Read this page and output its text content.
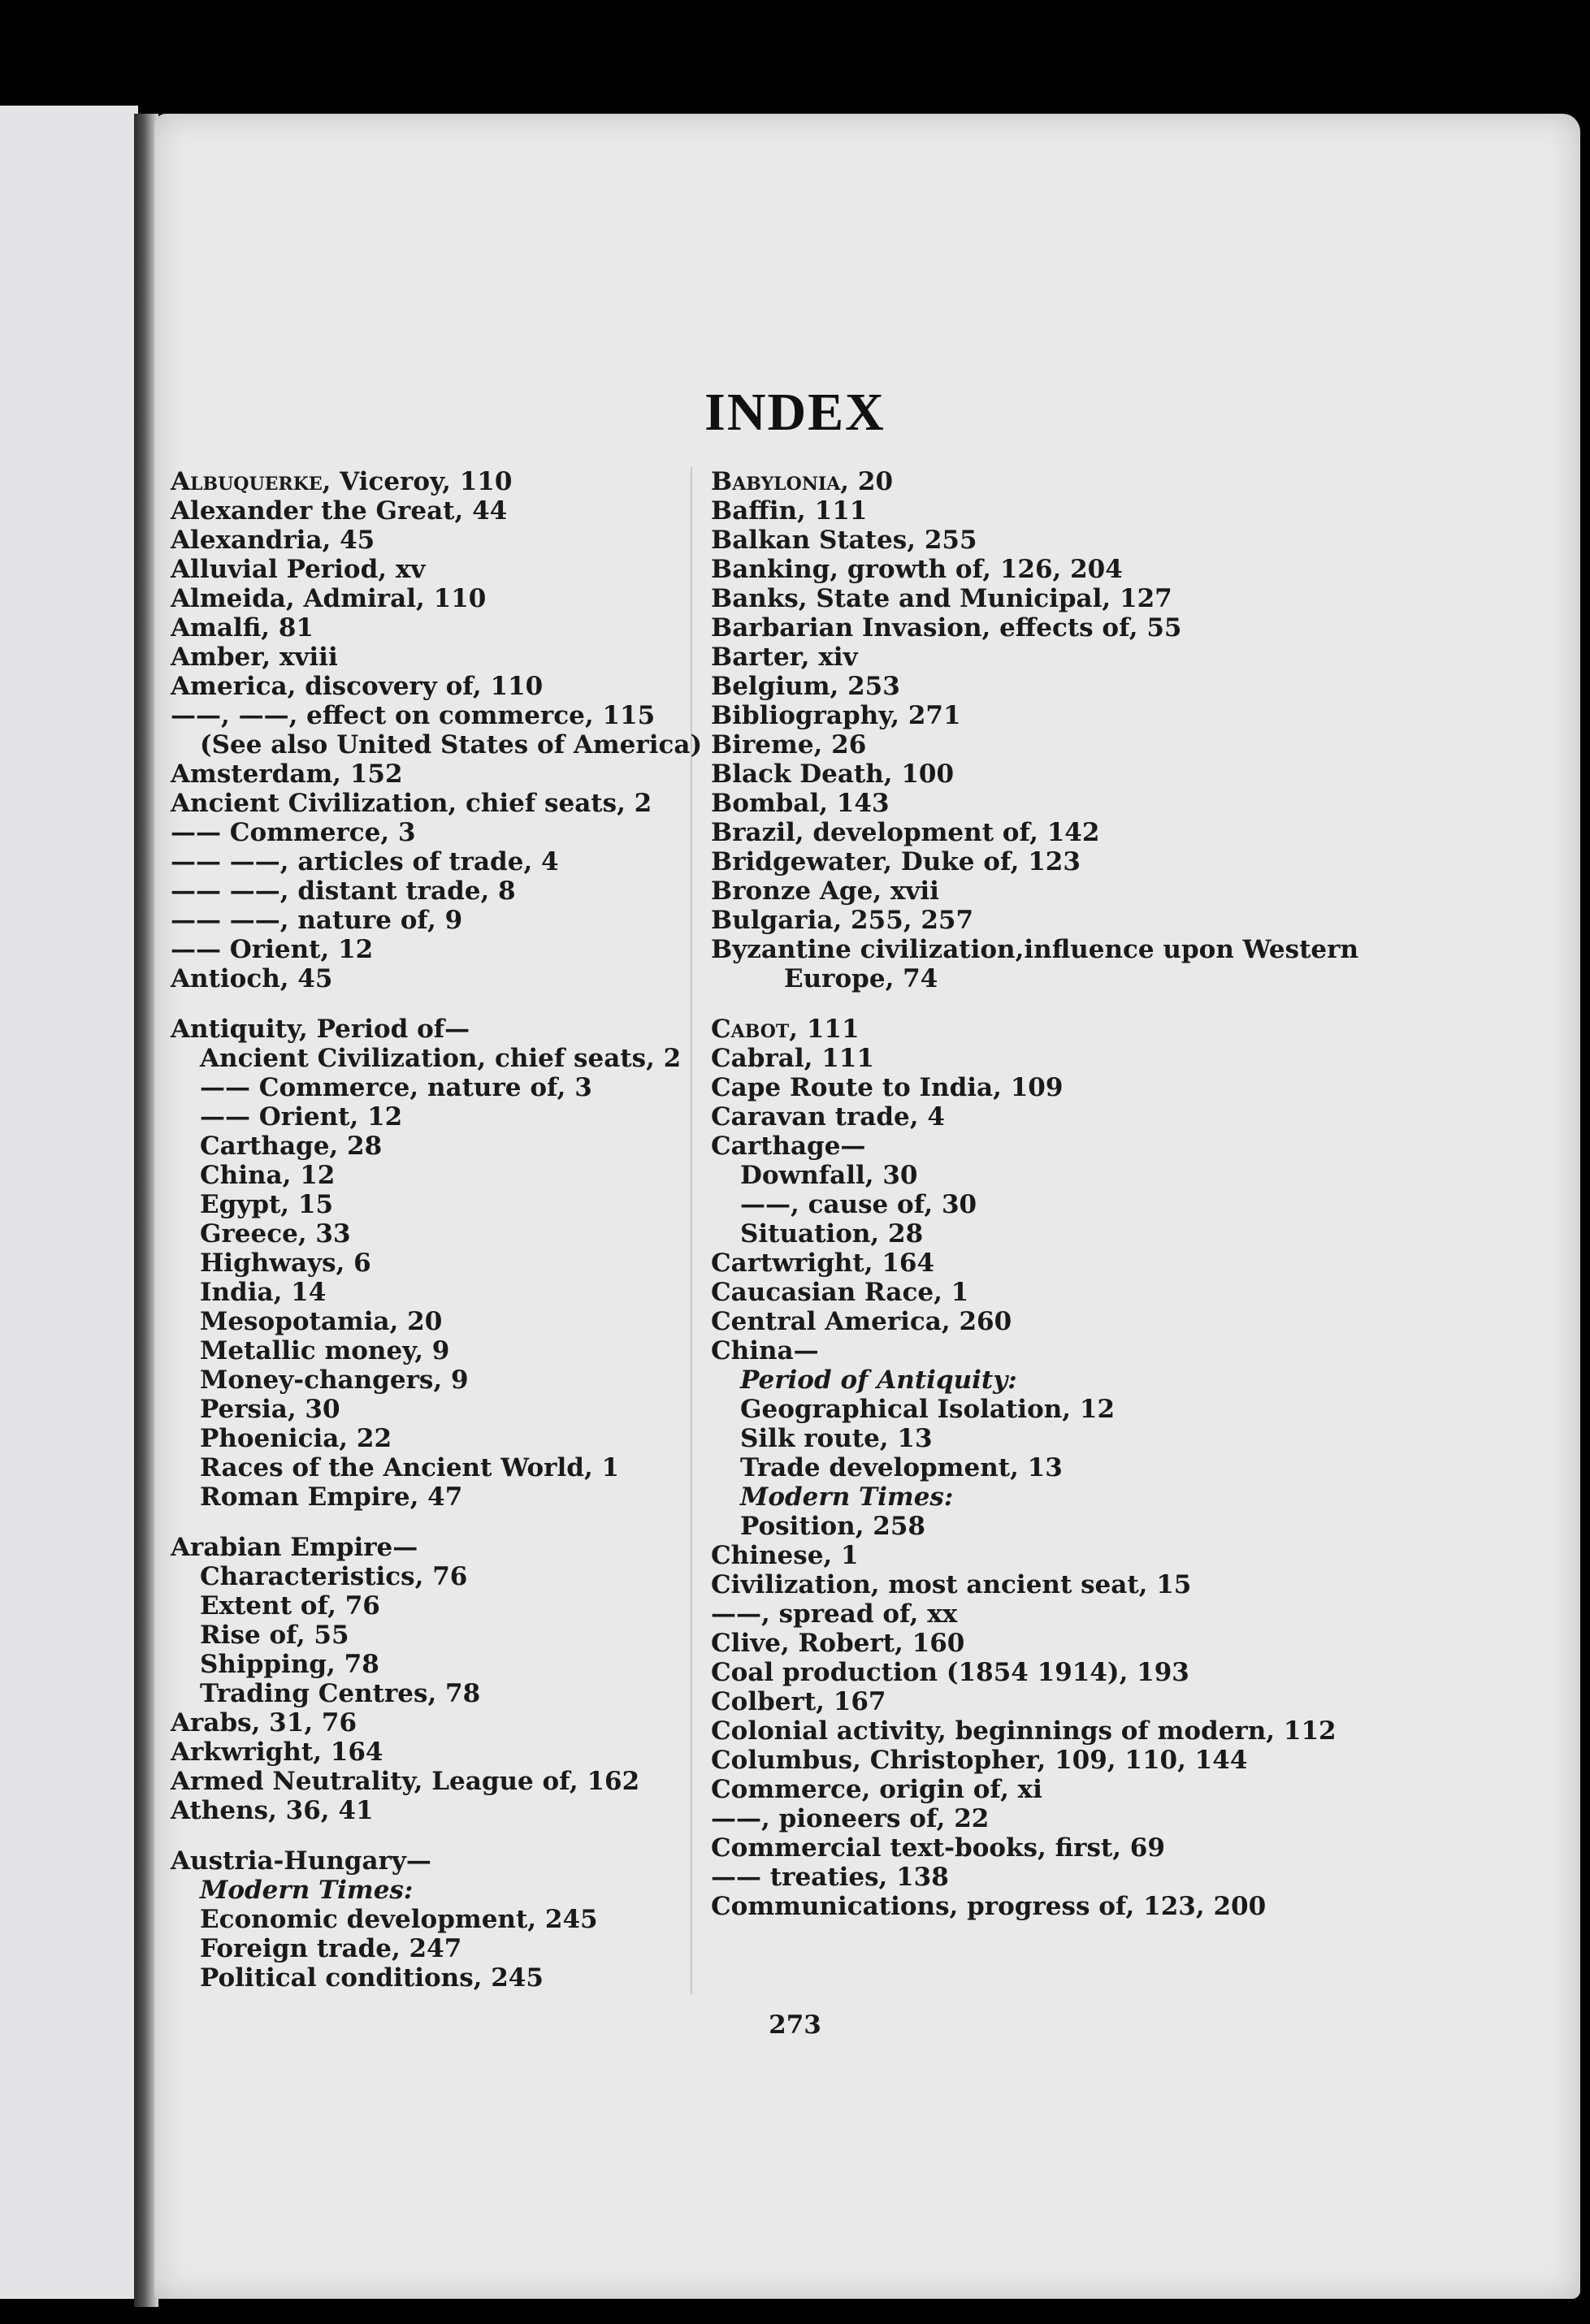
INDEX
Albuquerke, Viceroy, 110
Alexander the Great, 44
Alexandria, 45
Alluvial Period, xv
Almeida, Admiral, 110
Amalfi, 81
Amber, xviii
America, discovery of, 110
——, ——, effect on commerce, 115
(See also United States of America)
Amsterdam, 152
Ancient Civilization, chief seats, 2
—— Commerce, 3
—— ——, articles of trade, 4
—— ——, distant trade, 8
—— ——, nature of, 9
—— Orient, 12
Antioch, 45
Antiquity, Period of—
Ancient Civilization, chief seats, 2
—— Commerce, nature of, 3
—— Orient, 12
Carthage, 28
China, 12
Egypt, 15
Greece, 33
Highways, 6
India, 14
Mesopotamia, 20
Metallic money, 9
Money-changers, 9
Persia, 30
Phoenicia, 22
Races of the Ancient World, 1
Roman Empire, 47
Arabian Empire—
Characteristics, 76
Extent of, 76
Rise of, 55
Shipping, 78
Trading Centres, 78
Arabs, 31, 76
Arkwright, 164
Armed Neutrality, League of, 162
Athens, 36, 41
Austria-Hungary—
Modern Times:
Economic development, 245
Foreign trade, 247
Political conditions, 245
Babylonia, 20
Baffin, 111
Balkan States, 255
Banking, growth of, 126, 204
Banks, State and Municipal, 127
Barbarian Invasion, effects of, 55
Barter, xiv
Belgium, 253
Bibliography, 271
Bireme, 26
Black Death, 100
Bombal, 143
Brazil, development of, 142
Bridgewater, Duke of, 123
Bronze Age, xvii
Bulgaria, 255, 257
Byzantine civilization,influence upon Western Europe, 74
Cabot, 111
Cabral, 111
Cape Route to India, 109
Caravan trade, 4
Carthage—
Downfall, 30
——, cause of, 30
Situation, 28
Cartwright, 164
Caucasian Race, 1
Central America, 260
China—
Period of Antiquity:
Geographical Isolation, 12
Silk route, 13
Trade development, 13
Modern Times:
Position, 258
Chinese, 1
Civilization, most ancient seat, 15
——, spread of, xx
Clive, Robert, 160
Coal production (1854 1914), 193
Colbert, 167
Colonial activity, beginnings of modern, 112
Columbus, Christopher, 109, 110, 144
Commerce, origin of, xi
——, pioneers of, 22
Commercial text-books, first, 69
—— treaties, 138
Communications, progress of, 123, 200
273
